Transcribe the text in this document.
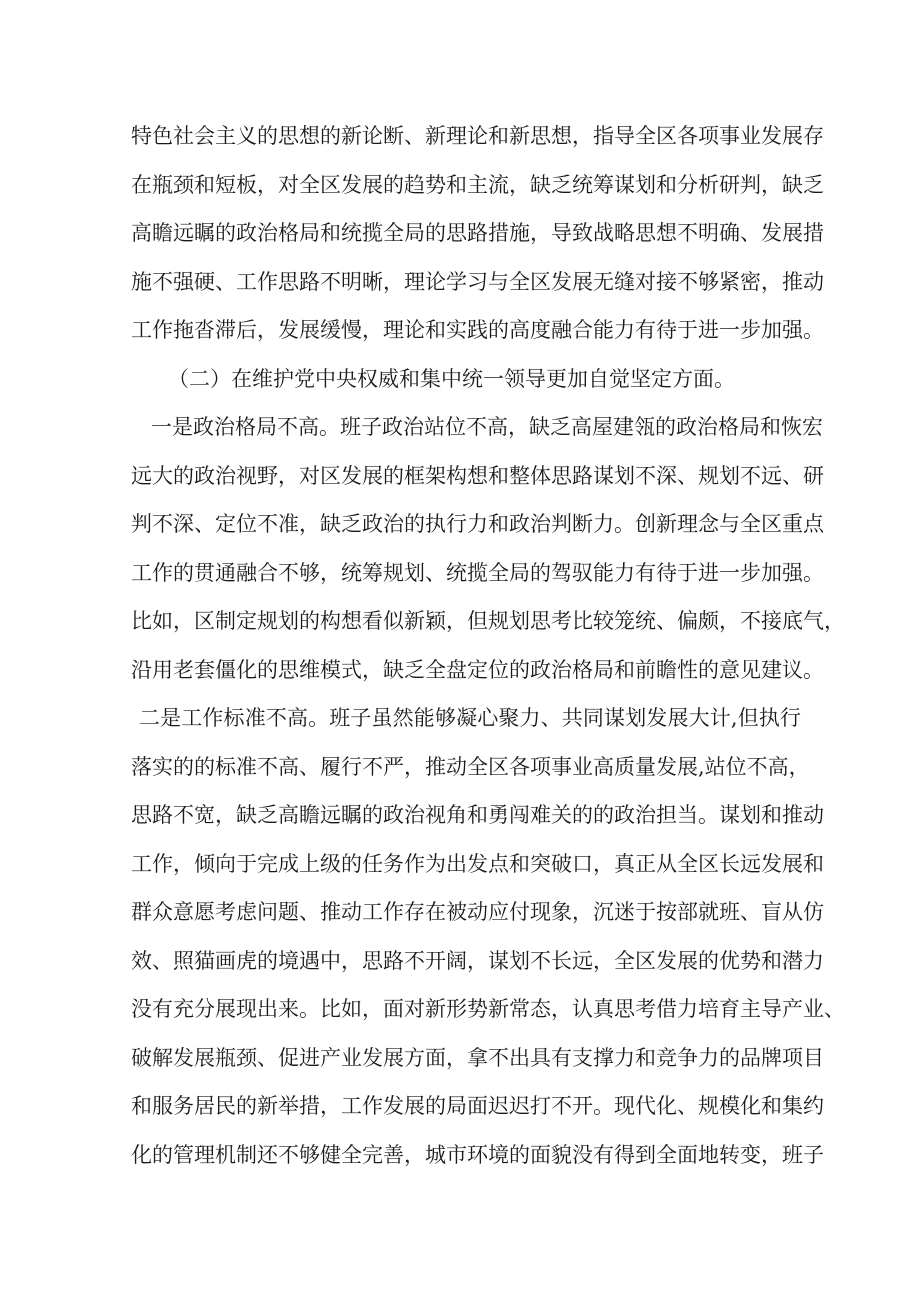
特色社会主义的思想的新论断、新理论和新思想，指导全区各项事业发展存
在瓶颈和短板，对全区发展的趋势和主流，缺乏统筹谋划和分析研判，缺乏
高瞻远瞩的政治格局和统揽全局的思路措施，导致战略思想不明确、发展措
施不强硬、工作思路不明晰，理论学习与全区发展无缝对接不够紧密，推动
工作拖沓滞后，发展缓慢，理论和实践的高度融合能力有待于进一步加强。
（二）在维护党中央权威和集中统一领导更加自觉坚定方面。
一是政治格局不高。班子政治站位不高，缺乏高屋建瓴的政治格局和恢宏
远大的政治视野，对区发展的框架构想和整体思路谋划不深、规划不远、研
判不深、定位不准，缺乏政治的执行力和政治判断力。创新理念与全区重点
工作的贯通融合不够，统筹规划、统揽全局的驾驭能力有待于进一步加强。
比如，区制定规划的构想看似新颖，但规划思考比较笼统、偏颇，不接底气，
沿用老套僵化的思维模式，缺乏全盘定位的政治格局和前瞻性的意见建议。
二是工作标准不高。班子虽然能够凝心聚力、共同谋划发展大计,但执行
落实的的标准不高、履行不严，推动全区各项事业高质量发展,站位不高，
思路不宽，缺乏高瞻远瞩的政治视角和勇闯难关的的政治担当。谋划和推动
工作，倾向于完成上级的任务作为出发点和突破口，真正从全区长远发展和
群众意愿考虑问题、推动工作存在被动应付现象，沉迷于按部就班、盲从仿
效、照猫画虎的境遇中，思路不开阔，谋划不长远，全区发展的优势和潜力
没有充分展现出来。比如，面对新形势新常态，认真思考借力培育主导产业、
破解发展瓶颈、促进产业发展方面，拿不出具有支撑力和竞争力的品牌项目
和服务居民的新举措，工作发展的局面迟迟打不开。现代化、规模化和集约
化的管理机制还不够健全完善，城市环境的面貌没有得到全面地转变，班子
